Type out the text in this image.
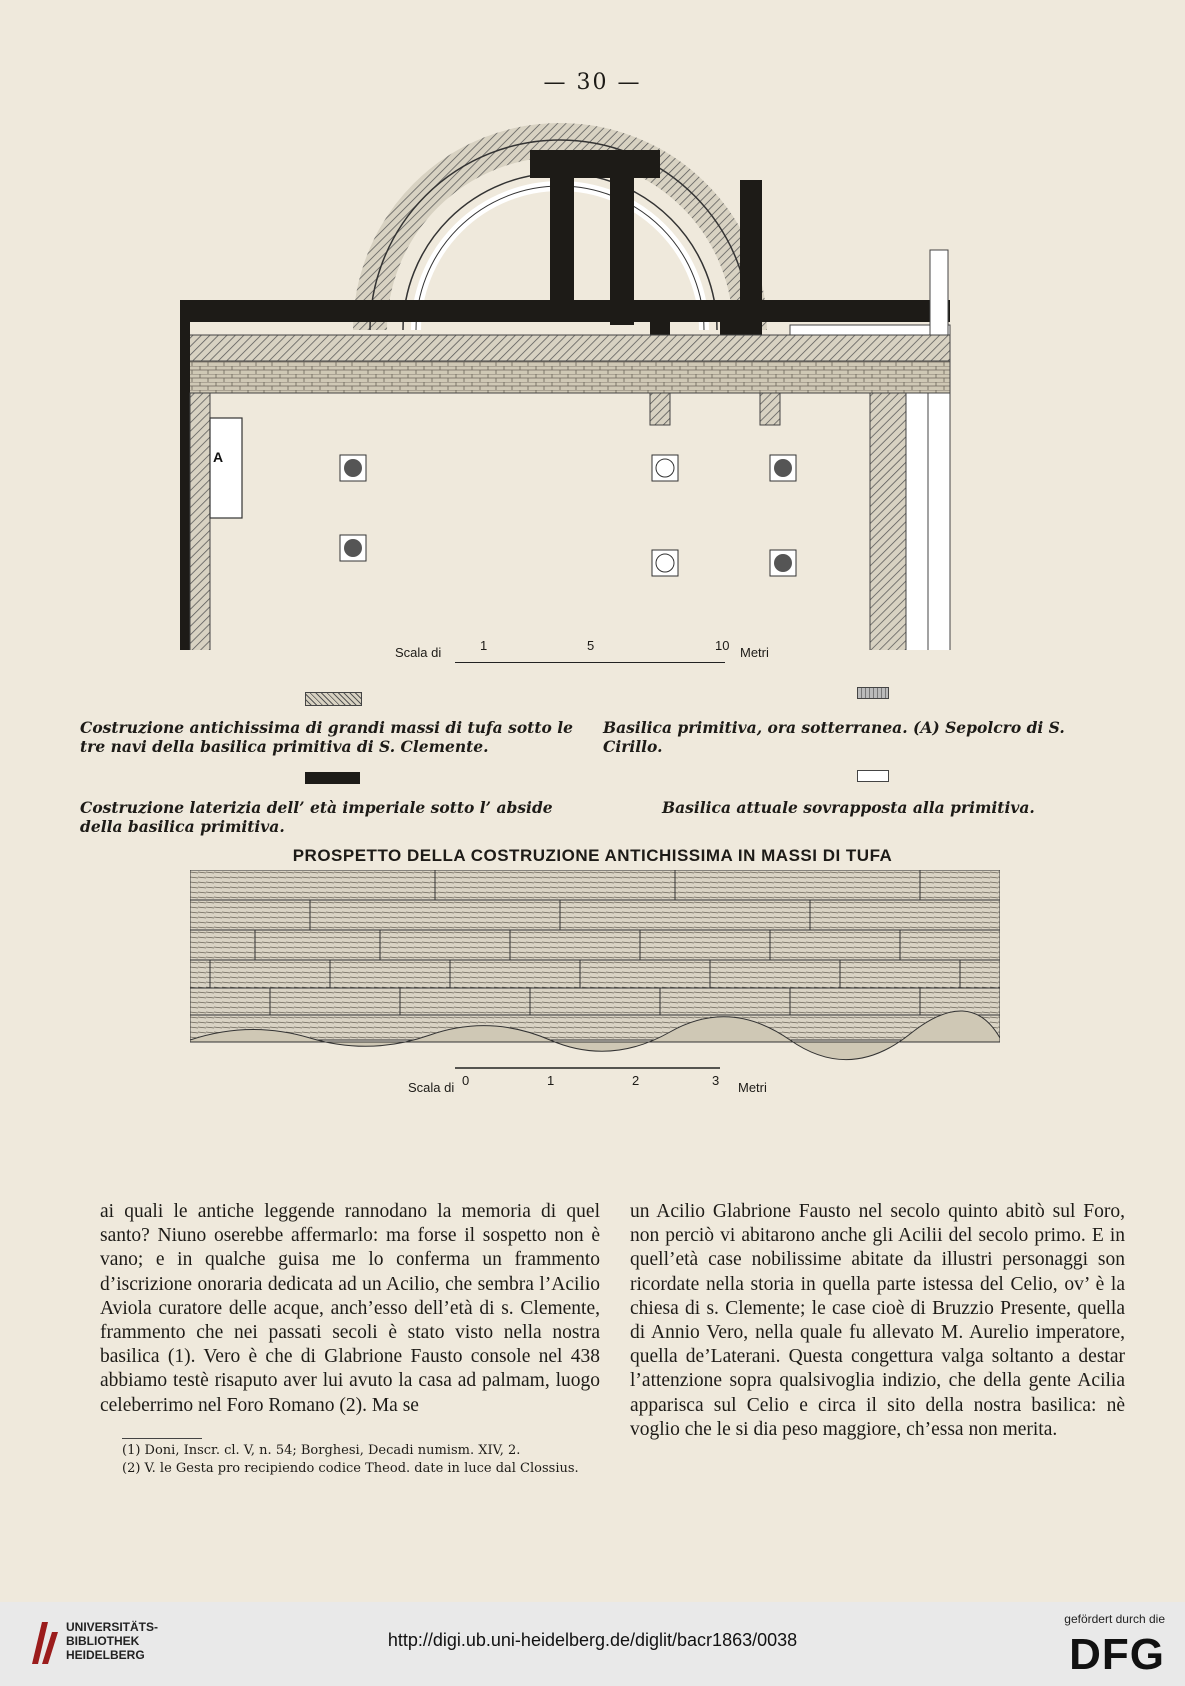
— 30 —
A
Scala di	1	5	10 Metri
Costruzione antichissima di grandi massi di tufa sotto le tre navi della basilica primitiva di S. Clemente.
Basilica primitiva, ora sotterranea. (A) Sepolcro di S. Cirillo.
Costruzione laterizia dell’ età imperiale sotto l’ abside della basilica primitiva.
Basilica attuale sovrapposta alla primitiva.
PROSPETTO DELLA COSTRUZIONE ANTICHISSIMA IN MASSI DI TUFA
Scala di 0	1	2	3 Metri

ai quali le antiche leggende rannodano la memoria di quel santo? Niuno oserebbe affermarlo: ma forse il sospetto non è vano; e in qualche guisa me lo conferma un frammento d’iscrizione onoraria dedicata ad un Acilio, che sembra l’Acilio Aviola curatore delle acque, anch’esso dell’età di s. Clemente, frammento che nei passati secoli è stato visto nella nostra basilica (1). Vero è che di Glabrione Fausto console nel 438 abbiamo testè risaputo aver lui avuto la casa ad palmam, luogo celeberrimo nel Foro Romano (2). Ma se

un Acilio Glabrione Fausto nel secolo quinto abitò sul Foro, non perciò vi abitarono anche gli Acilii del secolo primo. E in quell’età case nobilissime abitate da illustri personaggi son ricordate nella storia in quella parte istessa del Celio, ov’ è la chiesa di s. Clemente; le case cioè di Bruzzio Presente, quella di Annio Vero, nella quale fu allevato M. Aurelio imperatore, quella de’Laterani. Questa congettura valga soltanto a destar l’attenzione sopra qualsivoglia indizio, che della gente Acilia apparisca sul Celio e circa il sito della nostra basilica: nè voglio che le si dia peso maggiore, ch’essa non merita.

(1) Doni, Inscr. cl. V, n. 54; Borghesi, Decadi numism. XIV, 2.
(2) V. le Gesta pro recipiendo codice Theod. date in luce dal Clossius.
UNIVERSITÄTS-
BIBLIOTHEK
HEIDELBERG
http://digi.ub.uni-heidelberg.de/diglit/bacr1863/0038
gefördert durch die
DFG
